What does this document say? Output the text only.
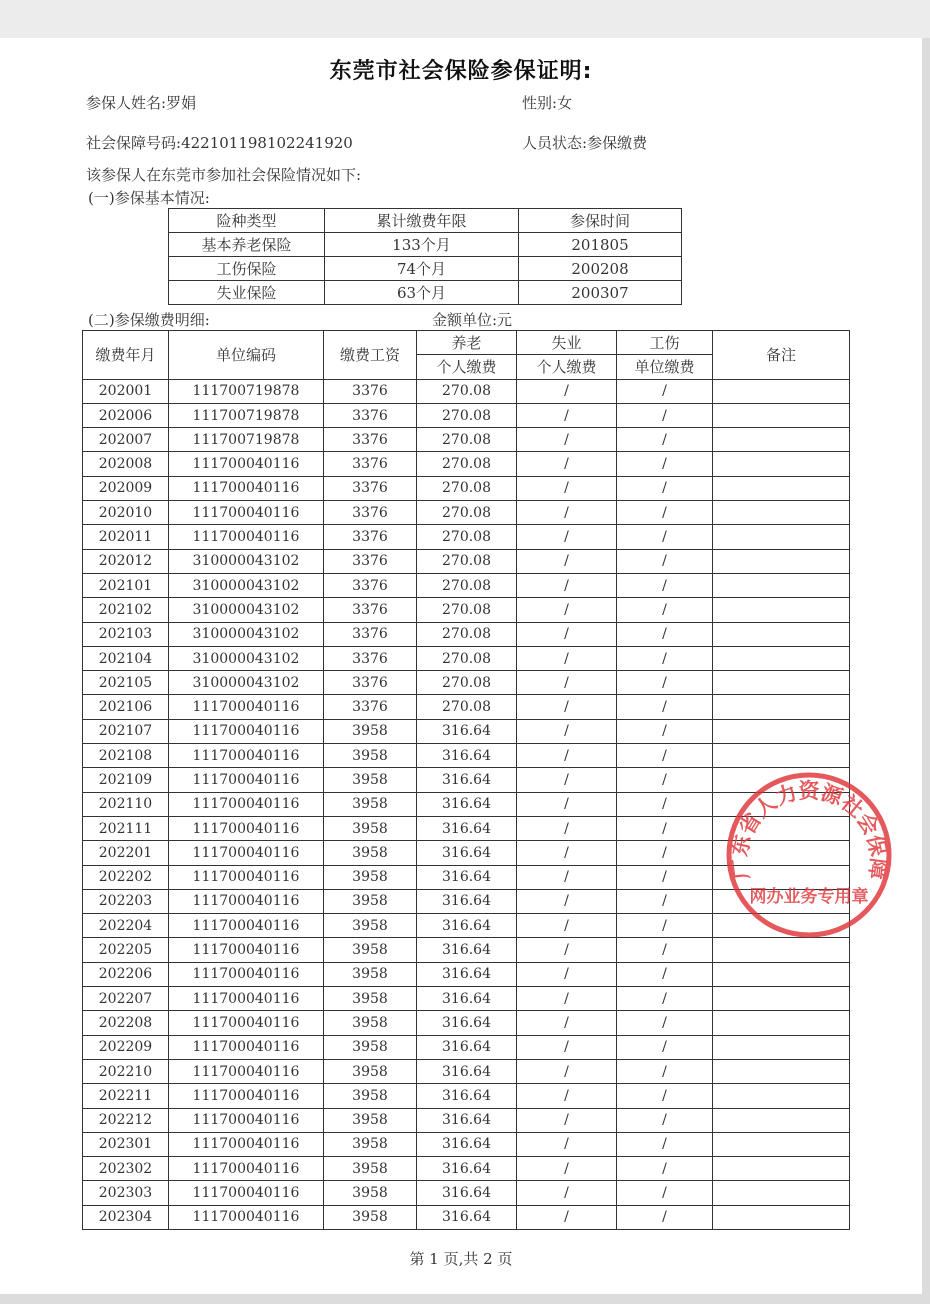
东莞市社会保险参保证明:
参保人姓名:罗娟	性别:女
社会保障号码:422101198102241920	人员状态:参保缴费
该参保人在东莞市参加社会保险情况如下:
(一)参保基本情况:
险种类型	累计缴费年限	参保时间
基本养老保险	133个月	201805
工伤保险	74个月	200208
失业保险	63个月	200307
(二)参保缴费明细:	金额单位:元
缴费年月	单位编码	缴费工资	养老	失业	工伤	备注
			个人缴费	个人缴费	单位缴费	
202001	111700719878	3376	270.08	/	/	
202006	111700719878	3376	270.08	/	/	
202007	111700719878	3376	270.08	/	/	
202008	111700040116	3376	270.08	/	/	
202009	111700040116	3376	270.08	/	/	
202010	111700040116	3376	270.08	/	/	
202011	111700040116	3376	270.08	/	/	
202012	310000043102	3376	270.08	/	/	
202101	310000043102	3376	270.08	/	/	
202102	310000043102	3376	270.08	/	/	
202103	310000043102	3376	270.08	/	/	
202104	310000043102	3376	270.08	/	/	
202105	310000043102	3376	270.08	/	/	
202106	111700040116	3376	270.08	/	/	
202107	111700040116	3958	316.64	/	/	
202108	111700040116	3958	316.64	/	/	
202109	111700040116	3958	316.64	/	/	
202110	111700040116	3958	316.64	/	/	
202111	111700040116	3958	316.64	/	/	
202201	111700040116	3958	316.64	/	/	
202202	111700040116	3958	316.64	/	/	
202203	111700040116	3958	316.64	/	/	
202204	111700040116	3958	316.64	/	/	
202205	111700040116	3958	316.64	/	/	
202206	111700040116	3958	316.64	/	/	
202207	111700040116	3958	316.64	/	/	
202208	111700040116	3958	316.64	/	/	
202209	111700040116	3958	316.64	/	/	
202210	111700040116	3958	316.64	/	/	
202211	111700040116	3958	316.64	/	/	
202212	111700040116	3958	316.64	/	/	
202301	111700040116	3958	316.64	/	/	
202302	111700040116	3958	316.64	/	/	
202303	111700040116	3958	316.64	/	/	
202304	111700040116	3958	316.64	/	/	
第 1 页,共 2 页
广东省人力资源社会保障
网办业务专用章
